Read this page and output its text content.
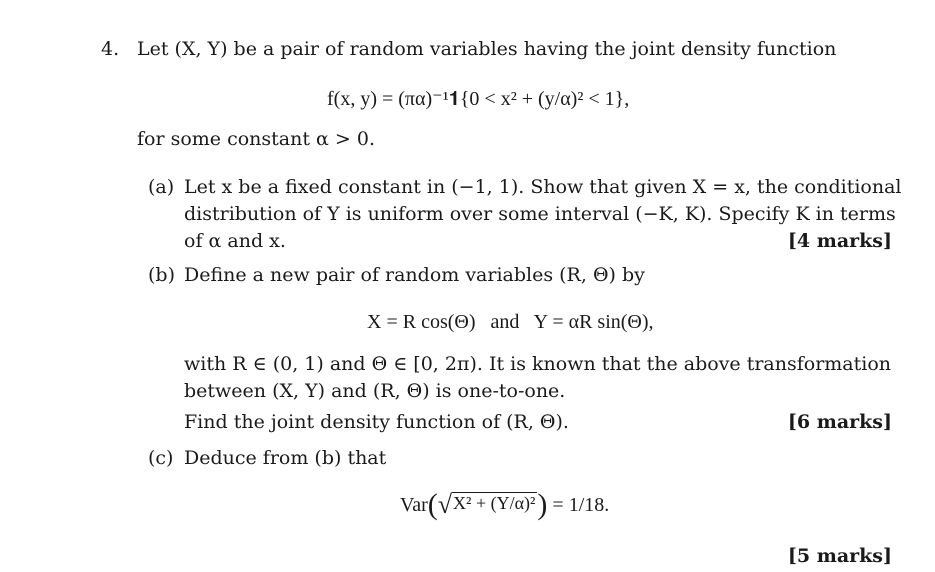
4. Let (X, Y) be a pair of random variables having the joint density function
f(x, y) = (πα)⁻¹𝟏{0 < x² + (y/α)² < 1},
for some constant α > 0.
(a) Let x be a fixed constant in (−1, 1). Show that given X = x, the conditional
distribution of Y is uniform over some interval (−K, K). Specify K in terms
of α and x.	[4 marks]
(b) Define a new pair of random variables (R, Θ) by
X = R cos(Θ)   and   Y = αR sin(Θ),
with R ∈ (0, 1) and Θ ∈ [0, 2π). It is known that the above transformation
between (X, Y) and (R, Θ) is one-to-one.
Find the joint density function of (R, Θ).	[6 marks]
(c) Deduce from (b) that
Var ( √ X² + (Y/α)² ) = 1/18.
[5 marks]
